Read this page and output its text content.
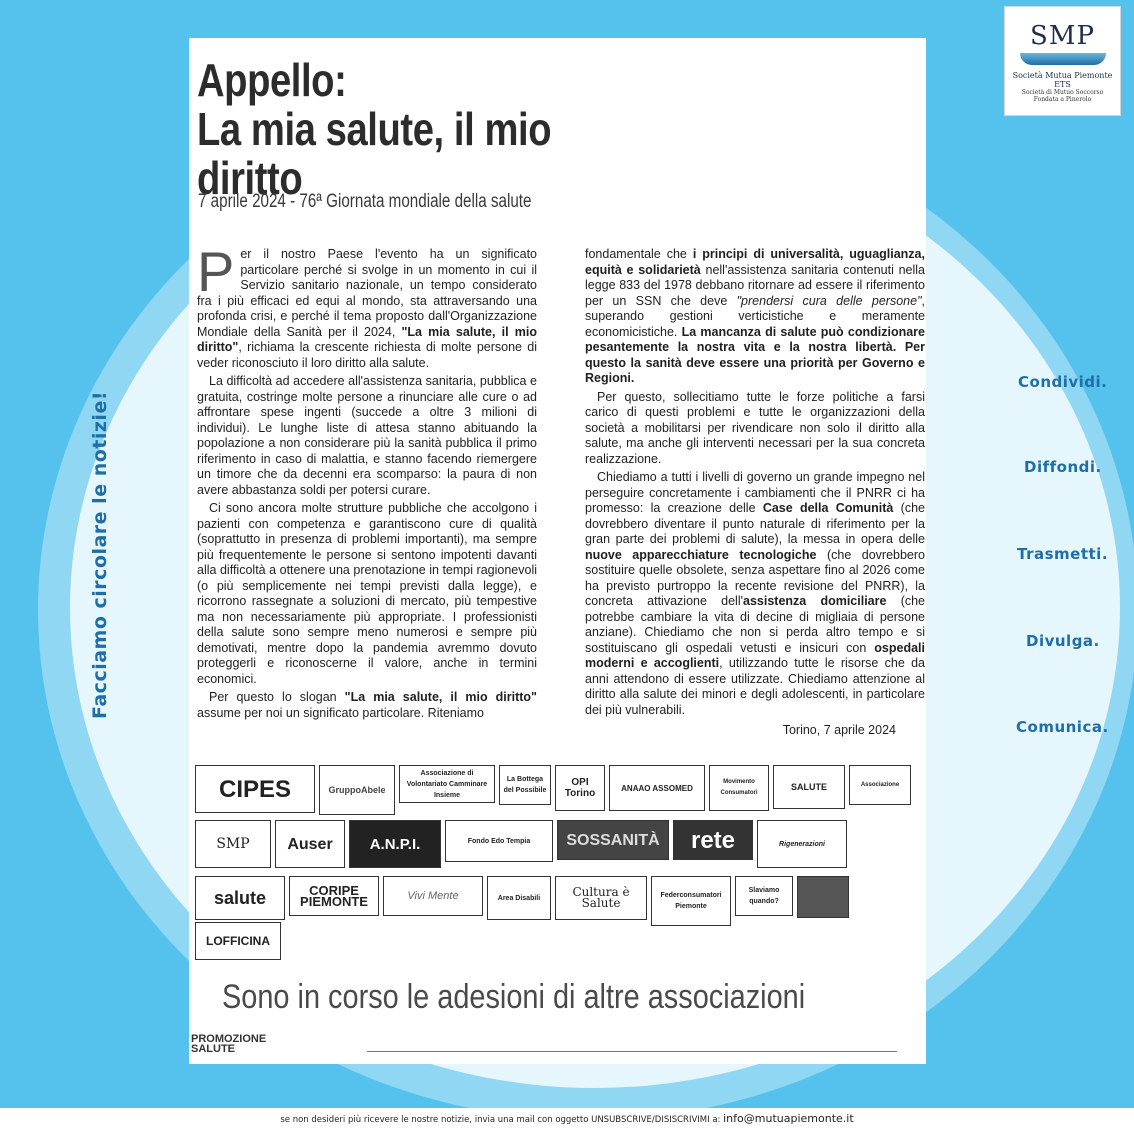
SMP
Società Mutua Piemonte ETS
Società di Mutuo Soccorso
Fondata a Pinerolo
Facciamo circolare le notizie!
Condividi.
Diffondi.
Trasmetti.
Divulga.
Comunica.
Appello:
La mia salute, il mio diritto
7 aprile 2024 - 76ª Giornata mondiale della salute

Per il nostro Paese l'evento ha un significato particolare perché si svolge in un momento in cui il Servizio sanitario nazionale, un tempo considerato fra i più efficaci ed equi al mondo, sta attraversando una profonda crisi, e perché il tema proposto dall'Organizzazione Mondiale della Sanità per il 2024, "La mia salute, il mio diritto", richiama la crescente richiesta di molte persone di veder riconosciuto il loro diritto alla salute.

La difficoltà ad accedere all'assistenza sanitaria, pubblica e gratuita, costringe molte persone a rinunciare alle cure o ad affrontare spese ingenti (succede a oltre 3 milioni di individui). Le lunghe liste di attesa stanno abituando la popolazione a non considerare più la sanità pubblica il primo riferimento in caso di malattia, e stanno facendo riemergere un timore che da decenni era scomparso: la paura di non avere abbastanza soldi per potersi curare.

Ci sono ancora molte strutture pubbliche che accolgono i pazienti con competenza e garantiscono cure di qualità (soprattutto in presenza di problemi importanti), ma sempre più frequentemente le persone si sentono impotenti davanti alla difficoltà a ottenere una prenotazione in tempi ragionevoli (o più semplicemente nei tempi previsti dalla legge), e ricorrono rassegnate a soluzioni di mercato, più tempestive ma non necessariamente più appropriate. I professionisti della salute sono sempre meno numerosi e sempre più demotivati, mentre dopo la pandemia avremmo dovuto proteggerli e riconoscerne il valore, anche in termini economici.

Per questo lo slogan "La mia salute, il mio diritto" assume per noi un significato particolare. Riteniamo

fondamentale che i principi di universalità, uguaglianza, equità e solidarietà nell'assistenza sanitaria contenuti nella legge 833 del 1978 debbano ritornare ad essere il riferimento per un SSN che deve "prendersi cura delle persone", superando gestioni verticistiche e meramente economicistiche. La mancanza di salute può condizionare pesantemente la nostra vita e la nostra libertà. Per questo la sanità deve essere una priorità per Governo e Regioni.

Per questo, sollecitiamo tutte le forze politiche a farsi carico di questi problemi e tutte le organizzazioni della società a mobilitarsi per rivendicare non solo il diritto alla salute, ma anche gli interventi necessari per la sua concreta realizzazione.

Chiediamo a tutti i livelli di governo un grande impegno nel perseguire concretamente i cambiamenti che il PNRR ci ha promesso: la creazione delle Case della Comunità (che dovrebbero diventare il punto naturale di riferimento per la gran parte dei problemi di salute), la messa in opera delle nuove apparecchiature tecnologiche (che dovrebbero sostituire quelle obsolete, senza aspettare fino al 2026 come ha previsto purtroppo la recente revisione del PNRR), la concreta attivazione dell'assistenza domiciliare (che potrebbe cambiare la vita di decine di migliaia di persone anziane). Chiediamo che non si perda altro tempo e si sostituiscano gli ospedali vetusti e insicuri con ospedali moderni e accoglienti, utilizzando tutte le risorse che da anni attendono di essere utilizzate. Chiediamo attenzione al diritto alla salute dei minori e degli adolescenti, in particolare dei più vulnerabili.

Torino, 7 aprile 2024
CIPES	GruppoAbele
Associazione di Volontariato Camminare Insieme
La Bottega del Possibile
OPI Torino	ANAAO ASSOMED
Movimento Consumatori
SALUTE	Associazione
SMP	Auser	A.N.P.I.	Fondo Edo Tempia	SOSSANITÀ	rete	Rigenerazioni
salute	CORIPE PIEMONTE	Vivi Mente	Area Disabili	Cultura è Salute
Federconsumatori Piemonte
Slaviamo quando?
LOFFICINA
Sono in corso le adesioni di altre associazioni
PROMOZIONE
SALUTE
se non desideri più ricevere le nostre notizie, invia una mail con oggetto UNSUBSCRIVE/DISISCRIVIMI a: info@mutuapiemonte.it
